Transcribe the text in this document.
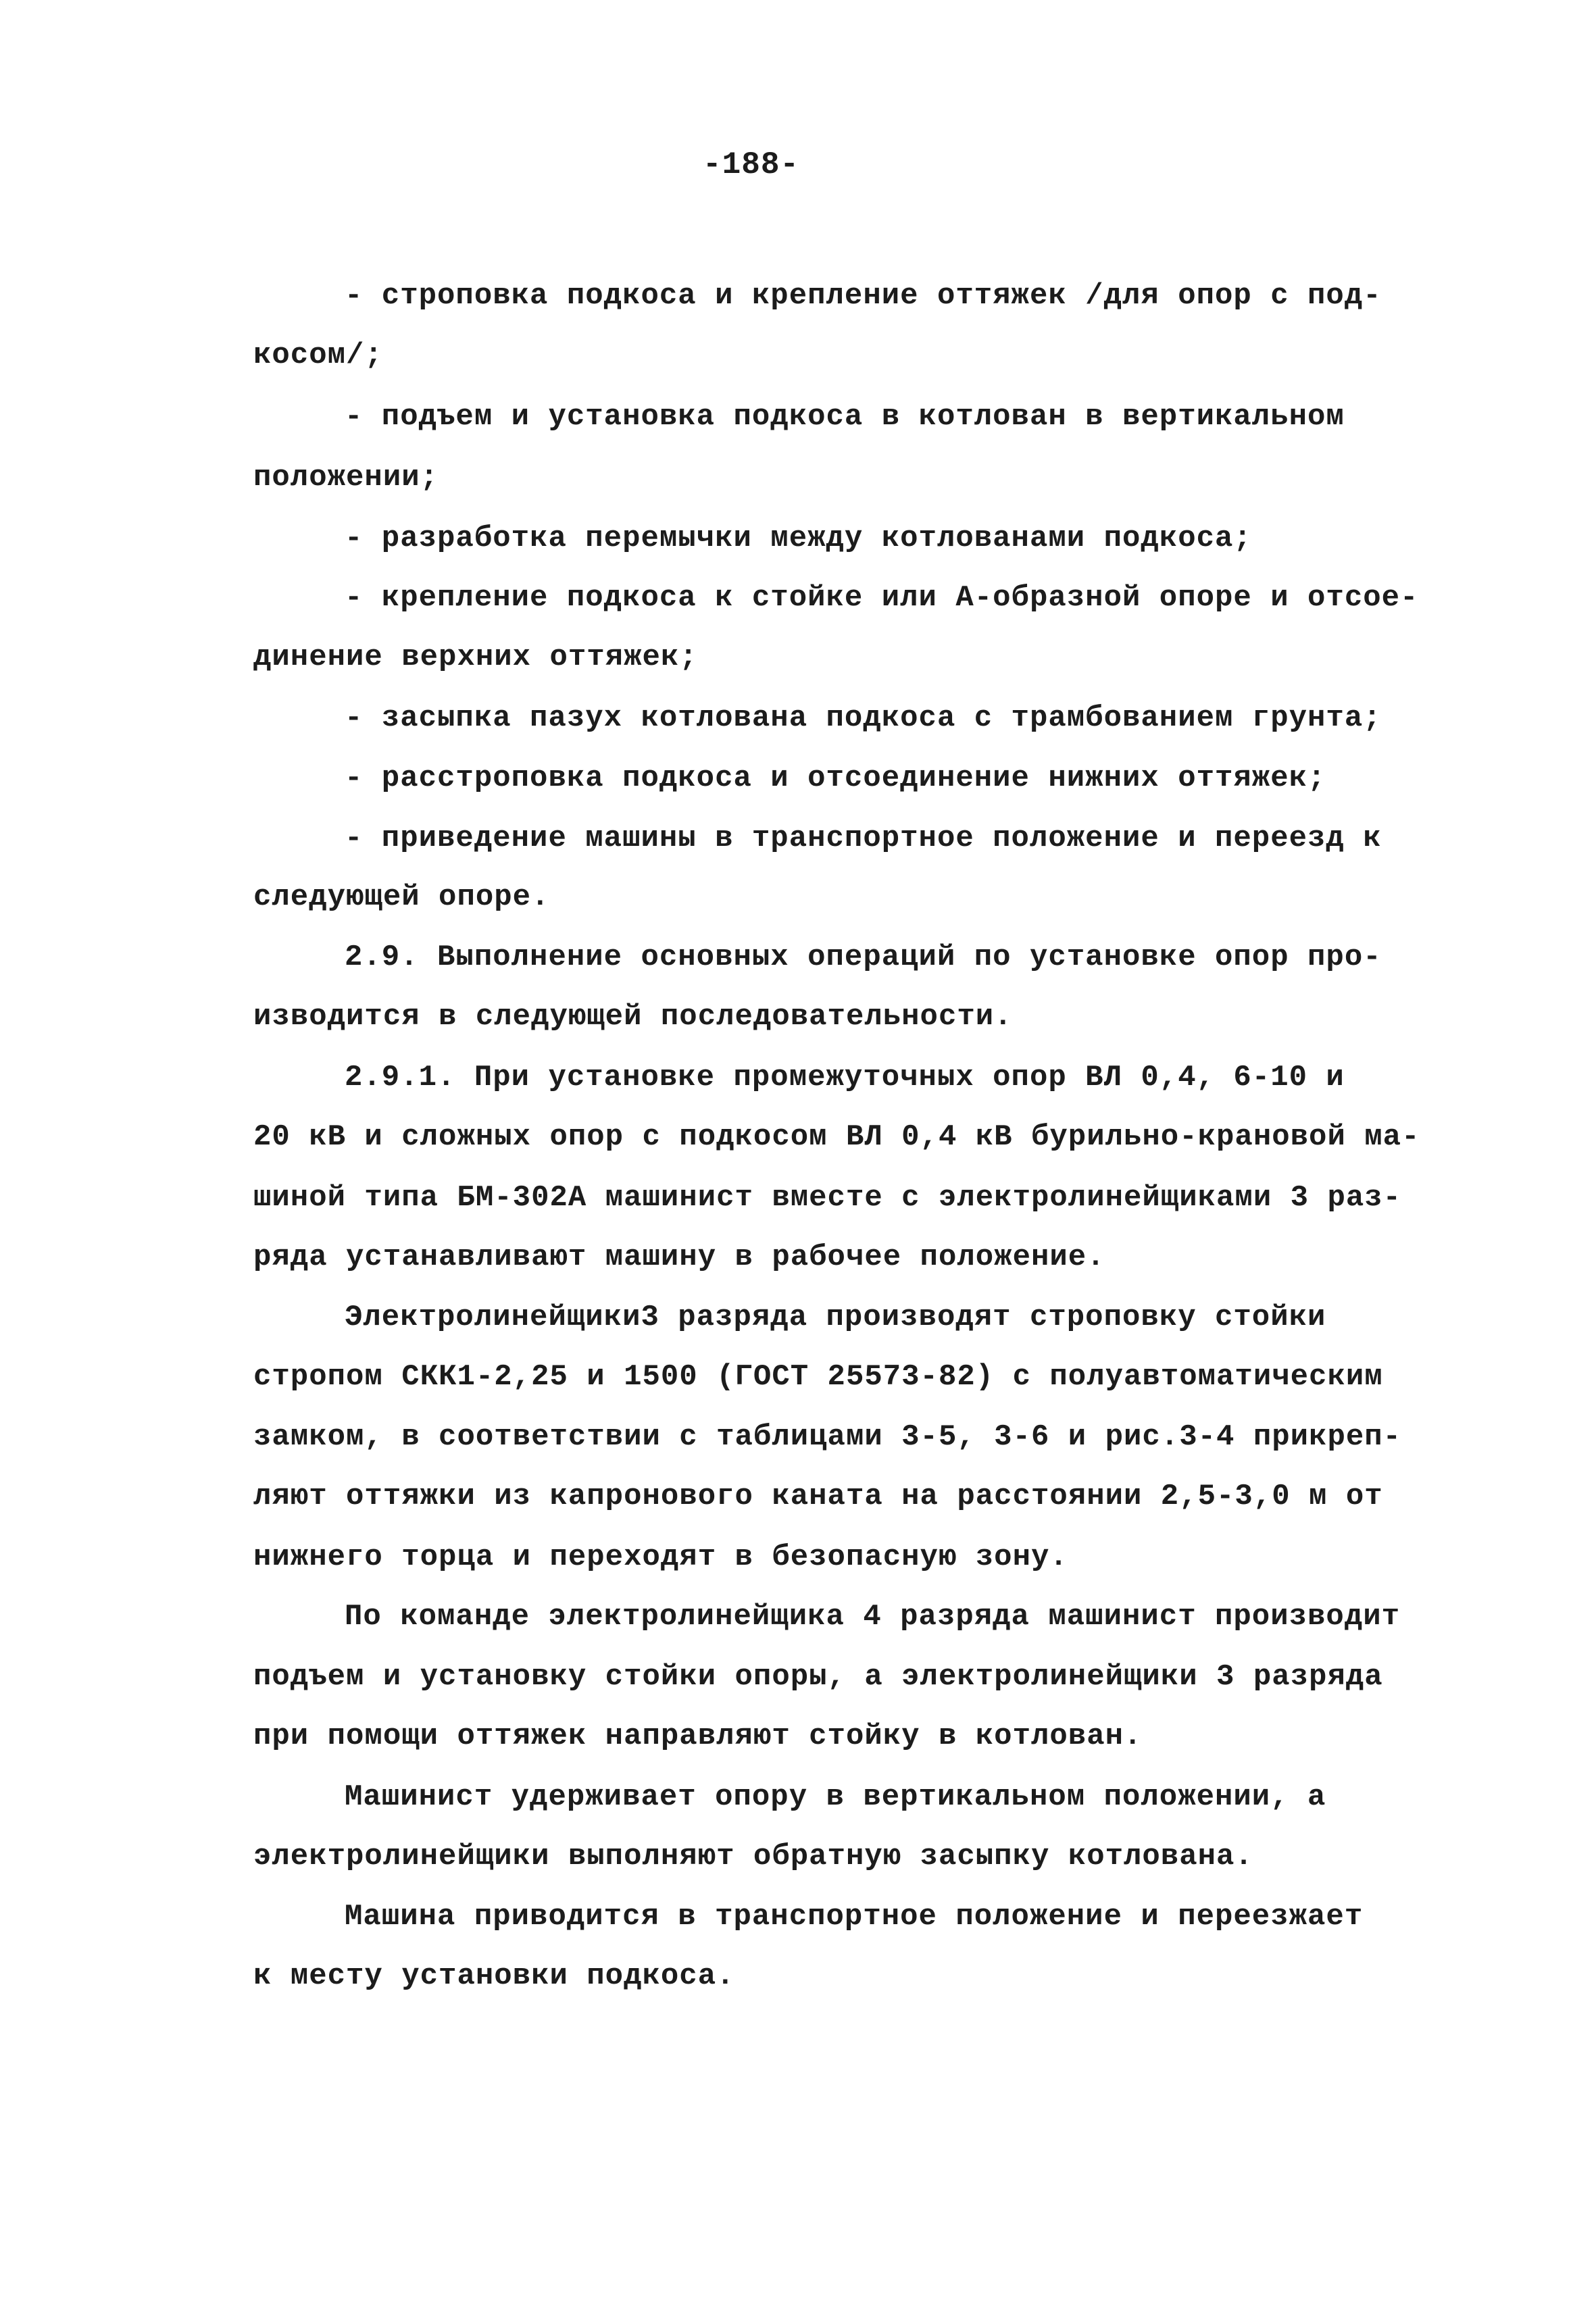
-188-
- строповка подкоса и крепление оттяжек /для опор с под-
косом/;
- подъем и установка подкоса в котлован в вертикальном
положении;
- разработка перемычки между котлованами подкоса;
- крепление подкоса к стойке или А-образной опоре и отсое-
динение верхних оттяжек;
- засыпка пазух котлована подкоса с трамбованием грунта;
- расстроповка подкоса и отсоединение нижних оттяжек;
- приведение машины в транспортное положение и переезд к
следующей опоре.
2.9. Выполнение основных операций по установке опор про-
изводится в следующей последовательности.
2.9.1. При установке промежуточных опор ВЛ 0,4, 6-10 и
20 кВ и сложных опор с подкосом ВЛ 0,4 кВ бурильно-крановой ма-
шиной типа БМ-302А машинист вместе с электролинейщиками 3 раз-
ряда устанавливают машину в рабочее положение.
Электролинейщики3 разряда производят строповку стойки
стропом СКК1-2,25 и 1500 (ГОСТ 25573-82) с полуавтоматическим
замком, в соответствии с таблицами 3-5, 3-6 и рис.3-4 прикреп-
ляют оттяжки из капронового каната на расстоянии 2,5-3,0 м от
нижнего торца и переходят в безопасную зону.
По команде электролинейщика 4 разряда машинист производит
подъем и установку стойки опоры, а электролинейщики 3 разряда
при помощи оттяжек направляют стойку в котлован.
Машинист удерживает опору в вертикальном положении, а
электролинейщики выполняют обратную засыпку котлована.
Машина приводится в транспортное положение и переезжает
к месту установки подкоса.
